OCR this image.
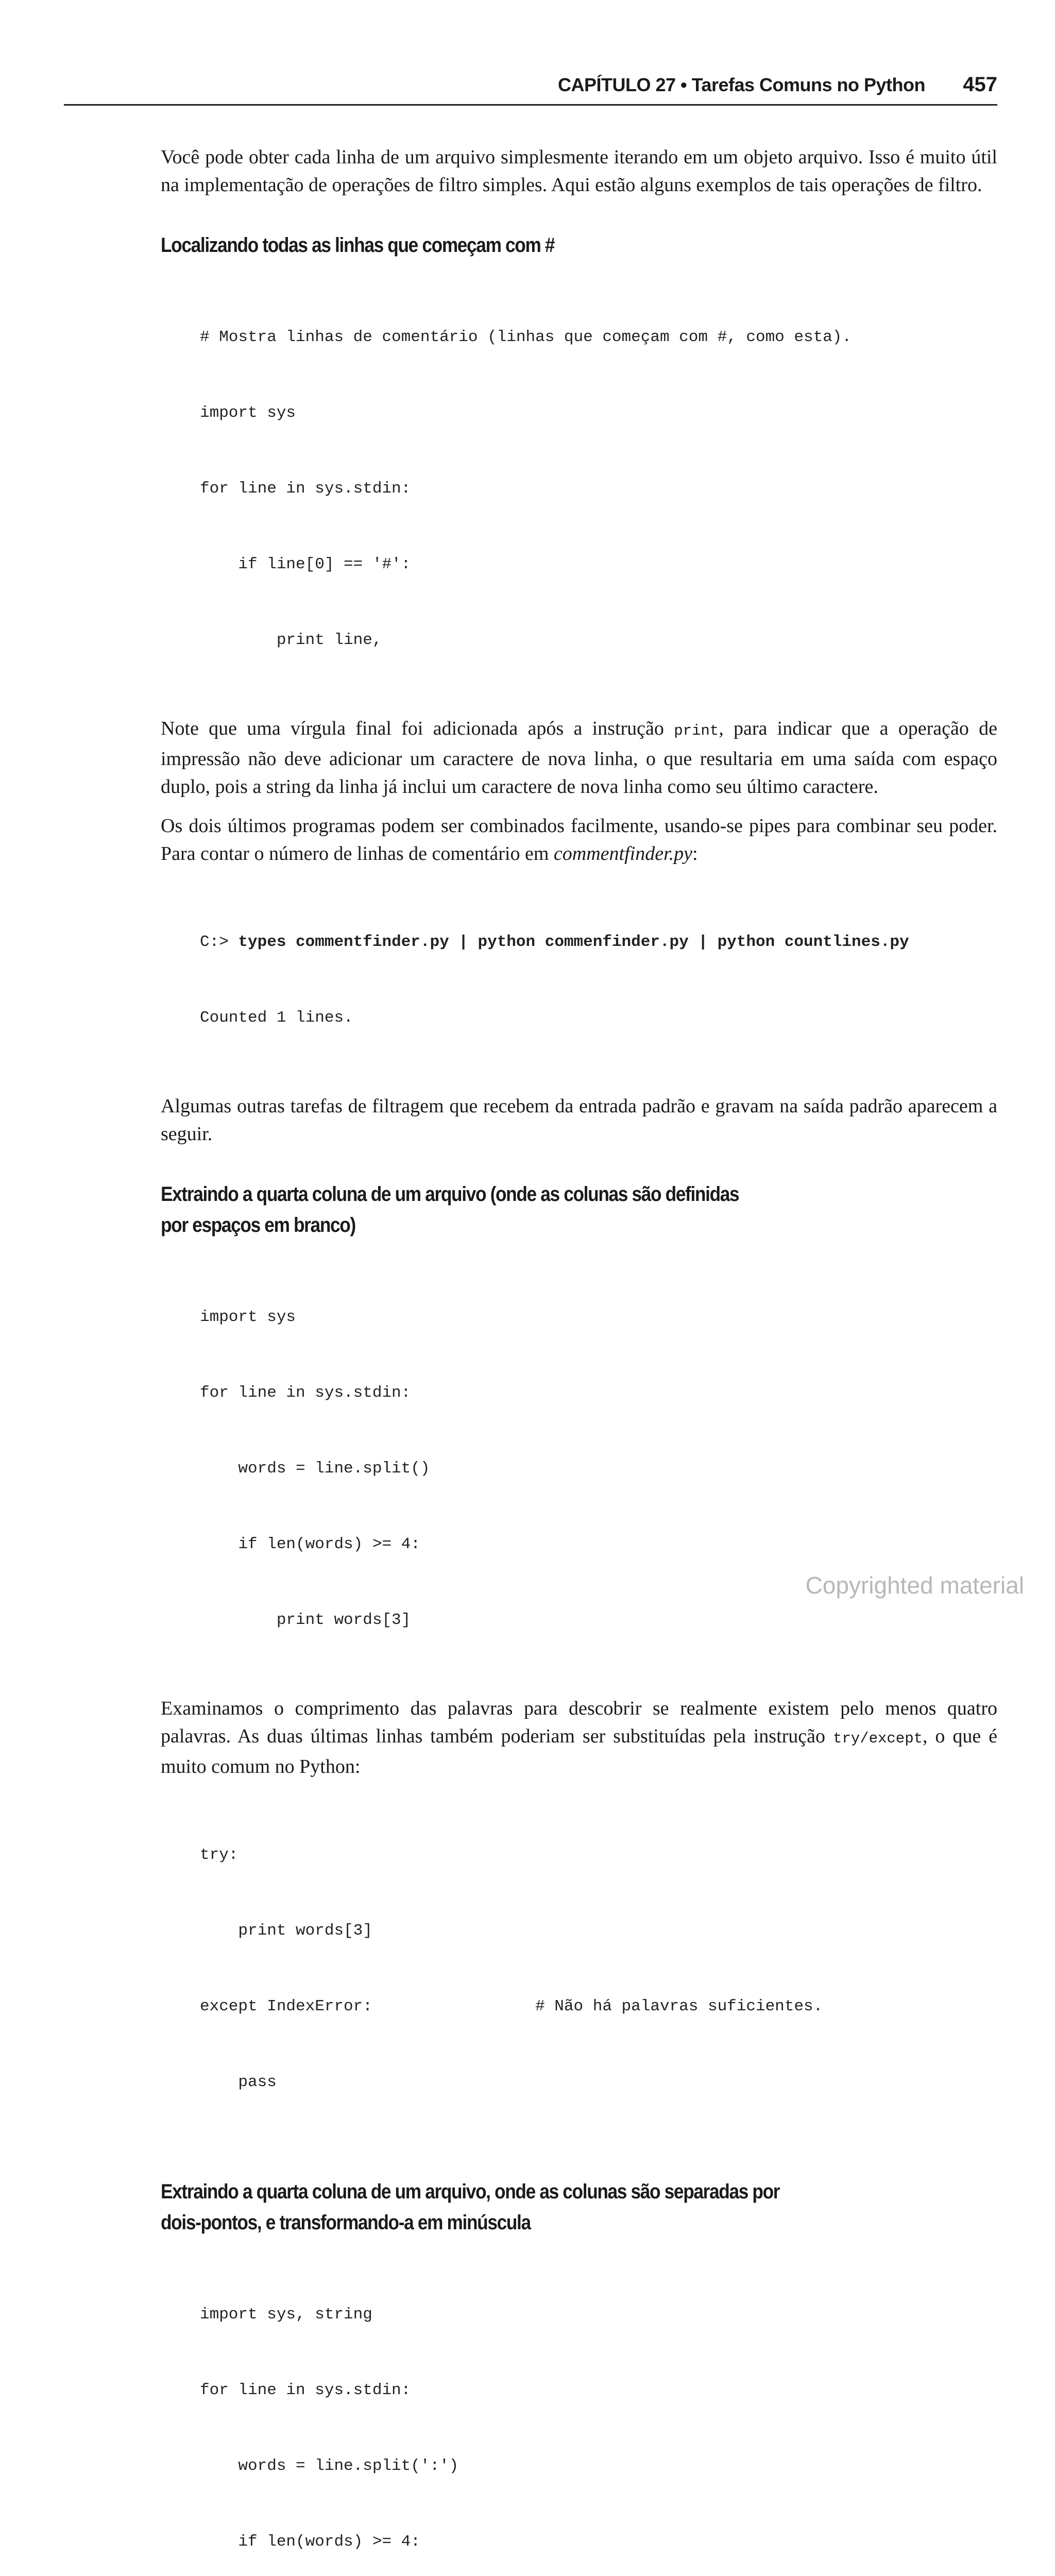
CAPÍTULO 27 • Tarefas Comuns no Python 457

Você pode obter cada linha de um arquivo simplesmente iterando em um objeto arquivo. Isso é muito útil na implementação de operações de filtro simples. Aqui estão alguns exemplos de tais operações de filtro.

Localizando todas as linhas que começam com #

# Mostra linhas de comentário (linhas que começam com #, como esta).

import sys

for line in sys.stdin:

if line[0] == '#':

print line,

Note que uma vírgula final foi adicionada após a instrução print, para indicar que a operação de impressão não deve adicionar um caractere de nova linha, o que resultaria em uma saída com espaço duplo, pois a string da linha já inclui um caractere de nova linha como seu último caractere.

Os dois últimos programas podem ser combinados facilmente, usando-se pipes para combinar seu poder. Para contar o número de linhas de comentário em commentfinder.py:

C:> types commentfinder.py | python commenfinder.py | python countlines.py

Counted 1 lines.

Algumas outras tarefas de filtragem que recebem da entrada padrão e gravam na saída padrão aparecem a seguir.

Extraindo a quarta coluna de um arquivo (onde as colunas são definidas
por espaços em branco)

import sys

for line in sys.stdin:

words = line.split()

if len(words) >= 4:

print words[3]

Examinamos o comprimento das palavras para descobrir se realmente existem pelo menos quatro palavras. As duas últimas linhas também poderiam ser substituídas pela instrução try/except, o que é muito comum no Python:

try:

print words[3]

except IndexError:                 # Não há palavras suficientes.

pass

Extraindo a quarta coluna de um arquivo, onde as colunas são separadas por
dois-pontos, e transformando-a em minúscula

import sys, string

for line in sys.stdin:

words = line.split(':')

if len(words) >= 4:

Copyrighted material
